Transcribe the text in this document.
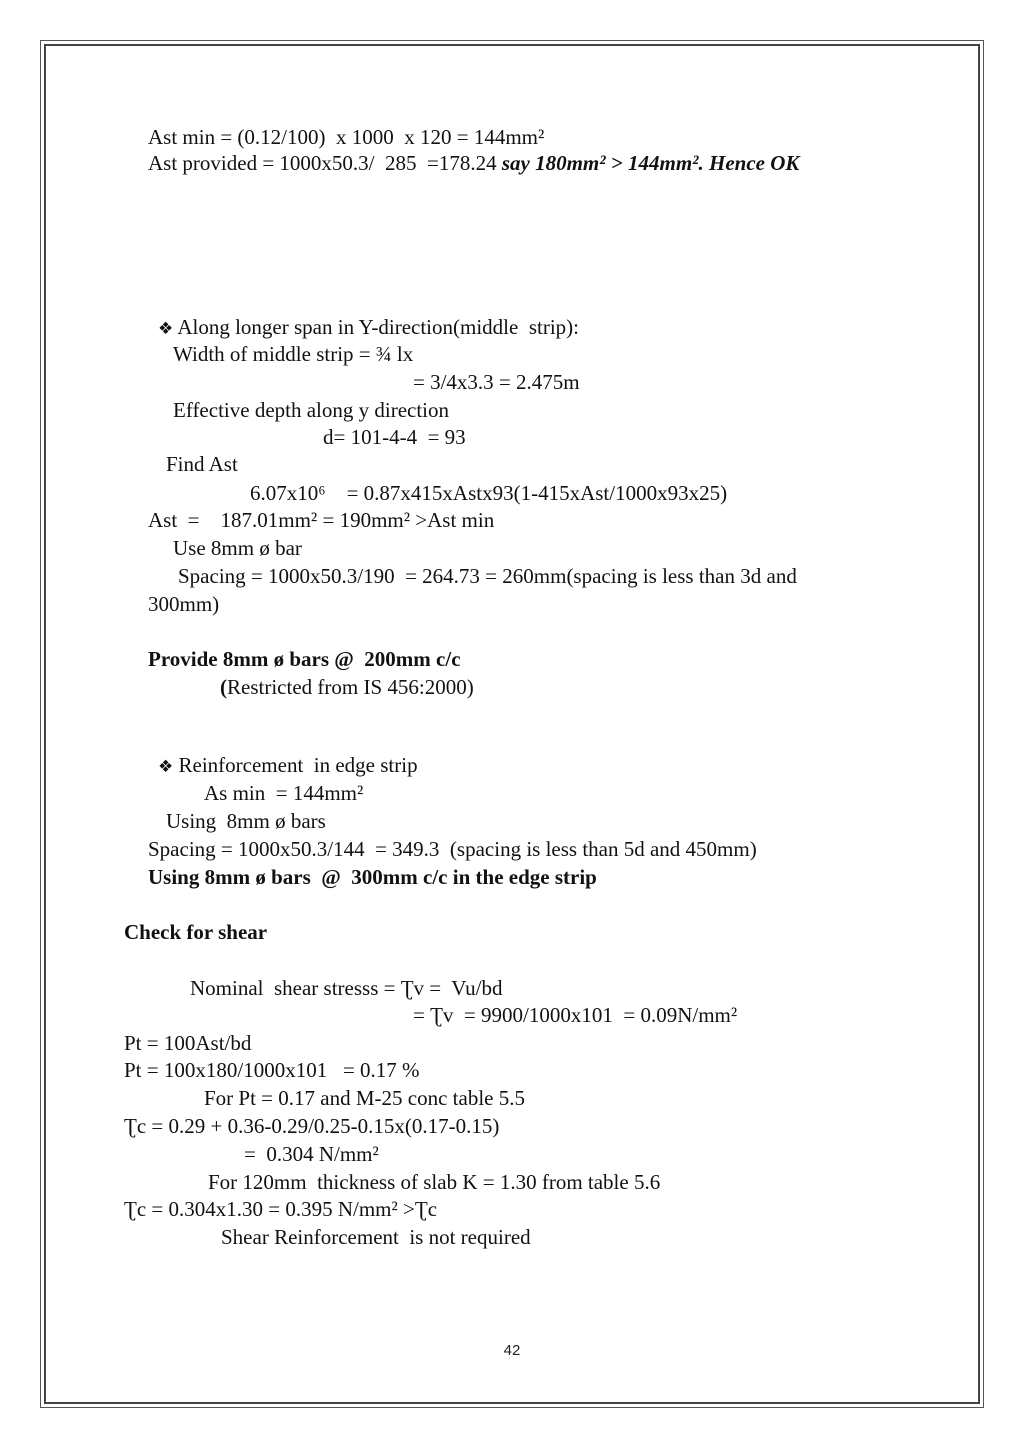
Ast min = (0.12/100)  x 1000  x 120 = 144mm²
Ast provided = 1000x50.3/  285  =178.24 say 180mm² > 144mm². Hence OK
❖ Along longer span in Y-direction(middle  strip):
Width of middle strip = ¾ lx
= 3/4x3.3 = 2.475m
Effective depth along y direction
d= 101-4-4  = 93
Find Ast
6.07x10⁶    = 0.87x415xAstx93(1-415xAst/1000x93x25)
Ast  =    187.01mm² = 190mm² >Ast min
Use 8mm ø bar
Spacing = 1000x50.3/190  = 264.73 = 260mm(spacing is less than 3d and
300mm)
Provide 8mm ø bars @  200mm c/c
(Restricted from IS 456:2000)
❖ Reinforcement  in edge strip
As min  = 144mm²
Using  8mm ø bars
Spacing = 1000x50.3/144  = 349.3  (spacing is less than 5d and 450mm)
Using 8mm ø bars  @  300mm c/c in the edge strip
Check for shear
Nominal  shear stresss = Ʈv =  Vu/bd
= Ʈv  = 9900/1000x101  = 0.09N/mm²
Pt = 100Ast/bd
Pt = 100x180/1000x101   = 0.17 %
For Pt = 0.17 and M-25 conc table 5.5
Ʈc = 0.29 + 0.36-0.29/0.25-0.15x(0.17-0.15)
=  0.304 N/mm²
For 120mm  thickness of slab K = 1.30 from table 5.6
Ʈc = 0.304x1.30 = 0.395 N/mm² >Ʈc
Shear Reinforcement  is not required
42
